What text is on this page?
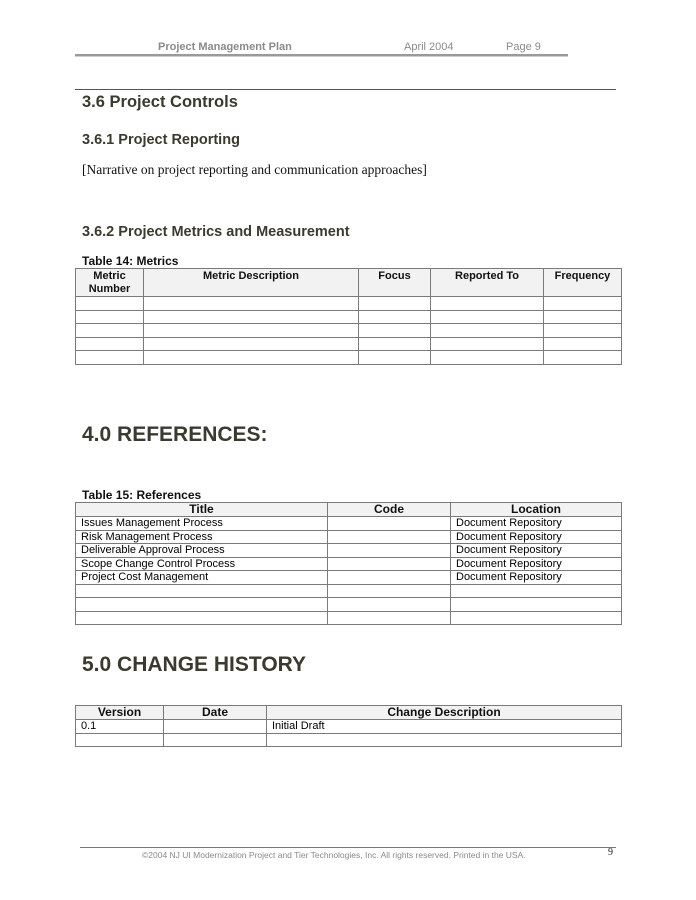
Project Management Plan	April 2004	Page 9
3.6 Project Controls
3.6.1 Project Reporting
[Narrative on project reporting and communication approaches]
3.6.2 Project Metrics and Measurement
Table 14: Metrics
Metric Number	Metric Description	Focus	Reported To	Frequency

4.0 REFERENCES:
Table 15: References
Title	Code	Location
Issues Management Process		Document Repository
Risk Management Process		Document Repository
Deliverable Approval Process		Document Repository
Scope Change Control Process		Document Repository
Project Cost Management		Document Repository

5.0 CHANGE HISTORY
Version	Date	Change Description
0.1		Initial Draft

©2004 NJ UI Modernization Project and Tier Technologies, Inc. All rights reserved. Printed in the USA.	9
